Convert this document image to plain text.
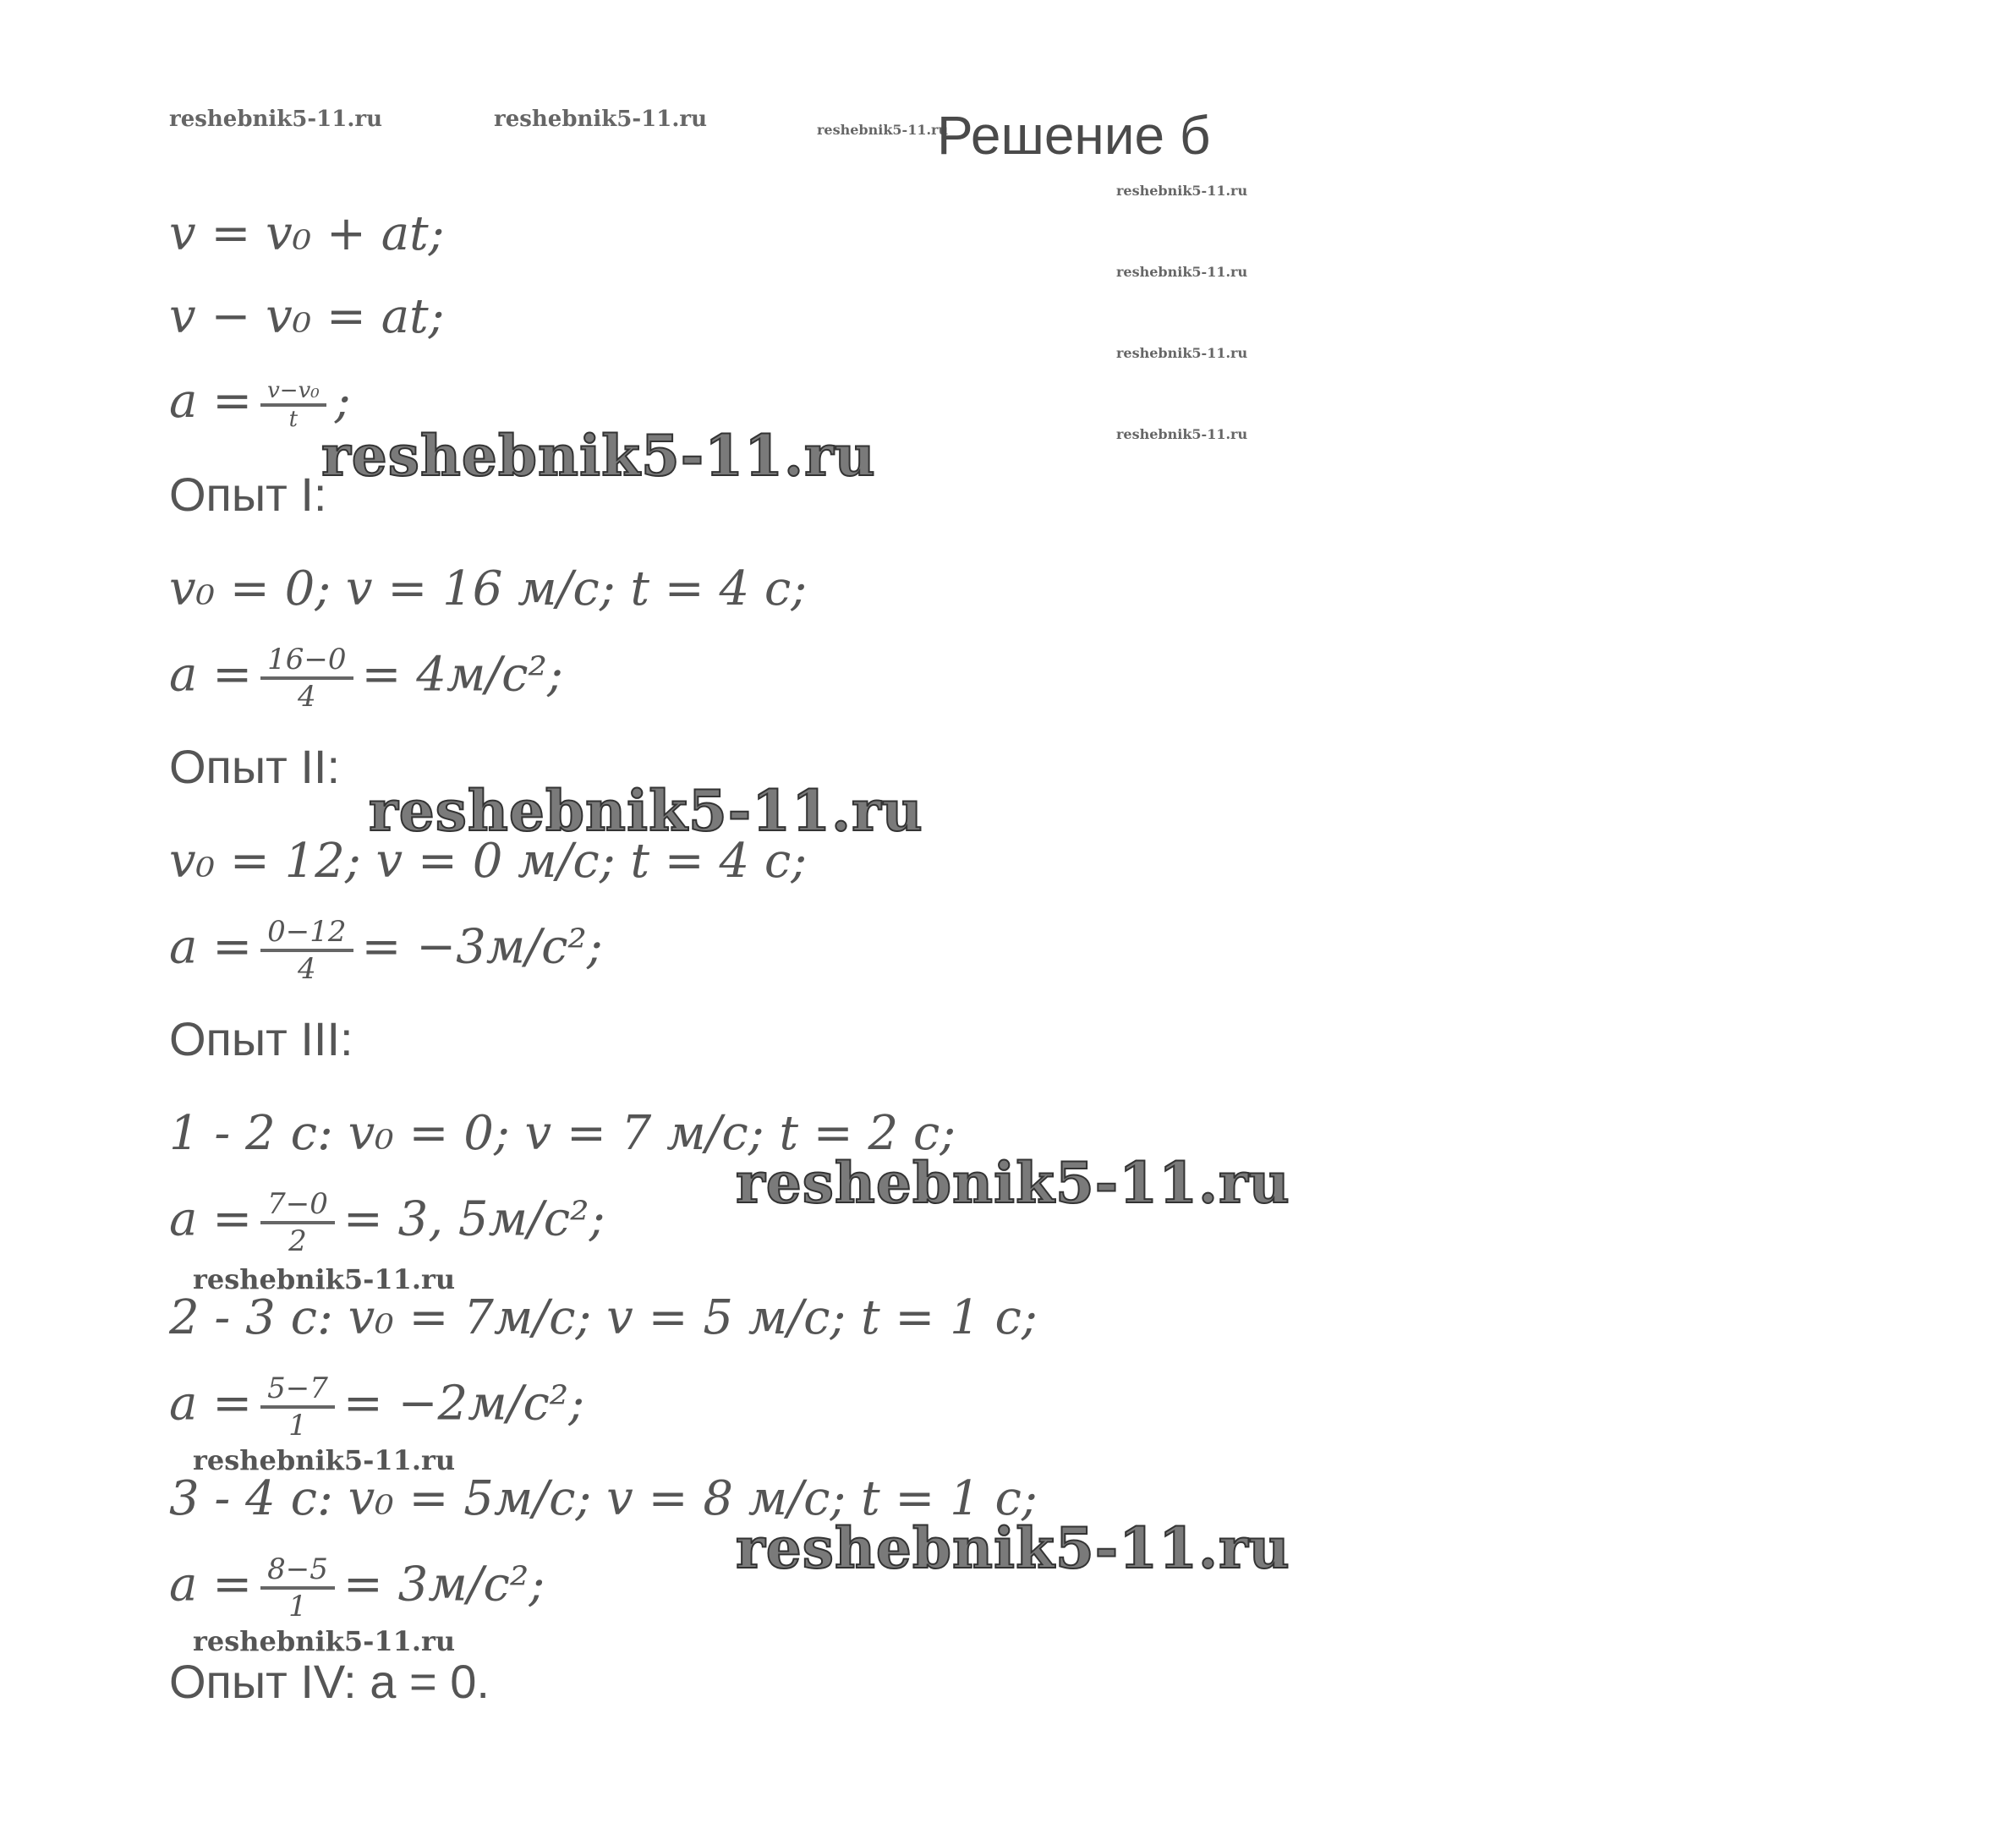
reshebnik5-11.ru	reshebnik5-11.ru	reshebnik5-11.ru
Решение б
reshebnik5-11.ru
reshebnik5-11.ru
reshebnik5-11.ru
reshebnik5-11.ru
v = v₀ + at;
v − v₀ = at;
$a = \frac{\text{v−v₀}}{t}$ ;
reshebnik5-11.ru
Опыт I:
v₀ = 0; v = 16 м/с; t = 4 с;
$a = \frac{16-0}{4} = 4м/с^2$;
Опыт II:
reshebnik5-11.ru
v₀ = 12; v = 0 м/с; t = 4 с;
$a = \frac{0-12}{4} = -3м/с^2$;
Опыт III:
1 - 2 с: v₀ = 0; v = 7 м/с; t = 2 с;
reshebnik5-11.ru
$a = \frac{7-0}{2} = 3$, 5м/с²;
reshebnik5-11.ru
2 - 3 с: v₀ = 7м/с; v = 5 м/с; t = 1 с;
$a = \frac{5-7}{1} = -2м/с^2$;
reshebnik5-11.ru
3 - 4 с: v₀ = 5м/с; v = 8 м/с; t = 1 с;
reshebnik5-11.ru
$a = \frac{8-5}{1} = 3м/с^2$;
reshebnik5-11.ru
Опыт IV: a = 0.
